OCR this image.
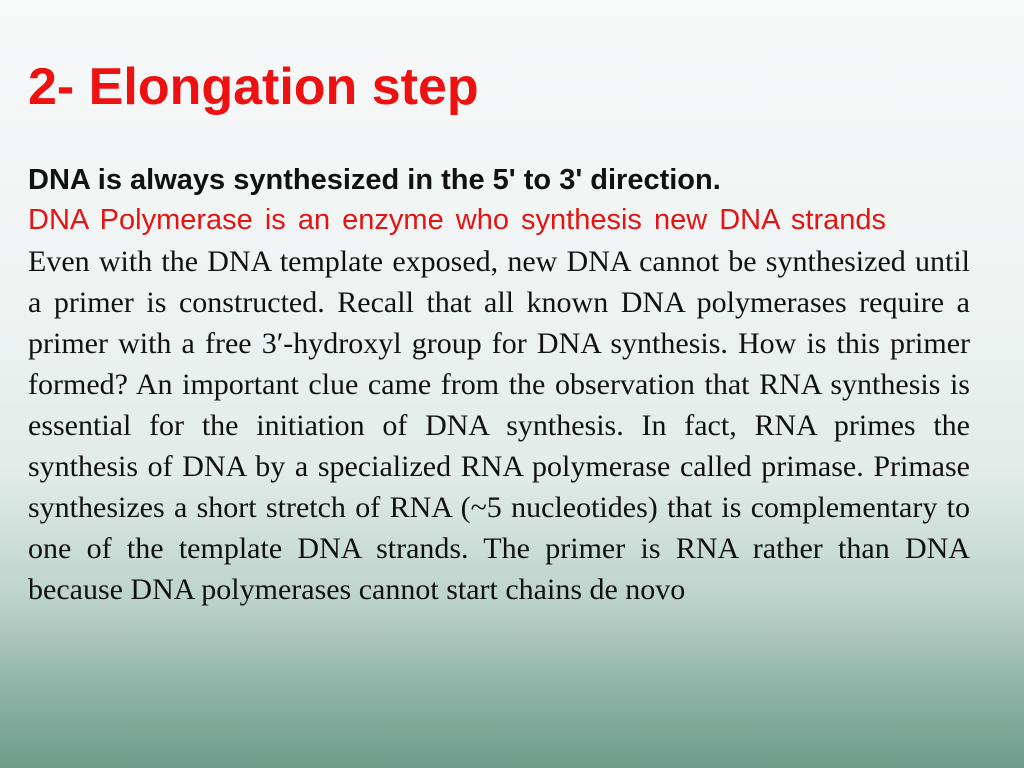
2- Elongation step

DNA is always synthesized in the 5' to 3' direction.

DNA Polymerase is an enzyme who synthesis new DNA strands

Even with the DNA template exposed, new DNA cannot be synthesized until a primer is constructed. Recall that all known DNA polymerases require a primer with a free 3′-hydroxyl group for DNA synthesis. How is this primer formed? An important clue came from the observation that RNA synthesis is essential for the initiation of DNA synthesis. In fact, RNA primes the synthesis of DNA by a specialized RNA polymerase called primase. Primase synthesizes a short stretch of RNA (~5 nucleotides) that is complementary to one of the template DNA strands. The primer is RNA rather than DNA because DNA polymerases cannot start chains de novo
